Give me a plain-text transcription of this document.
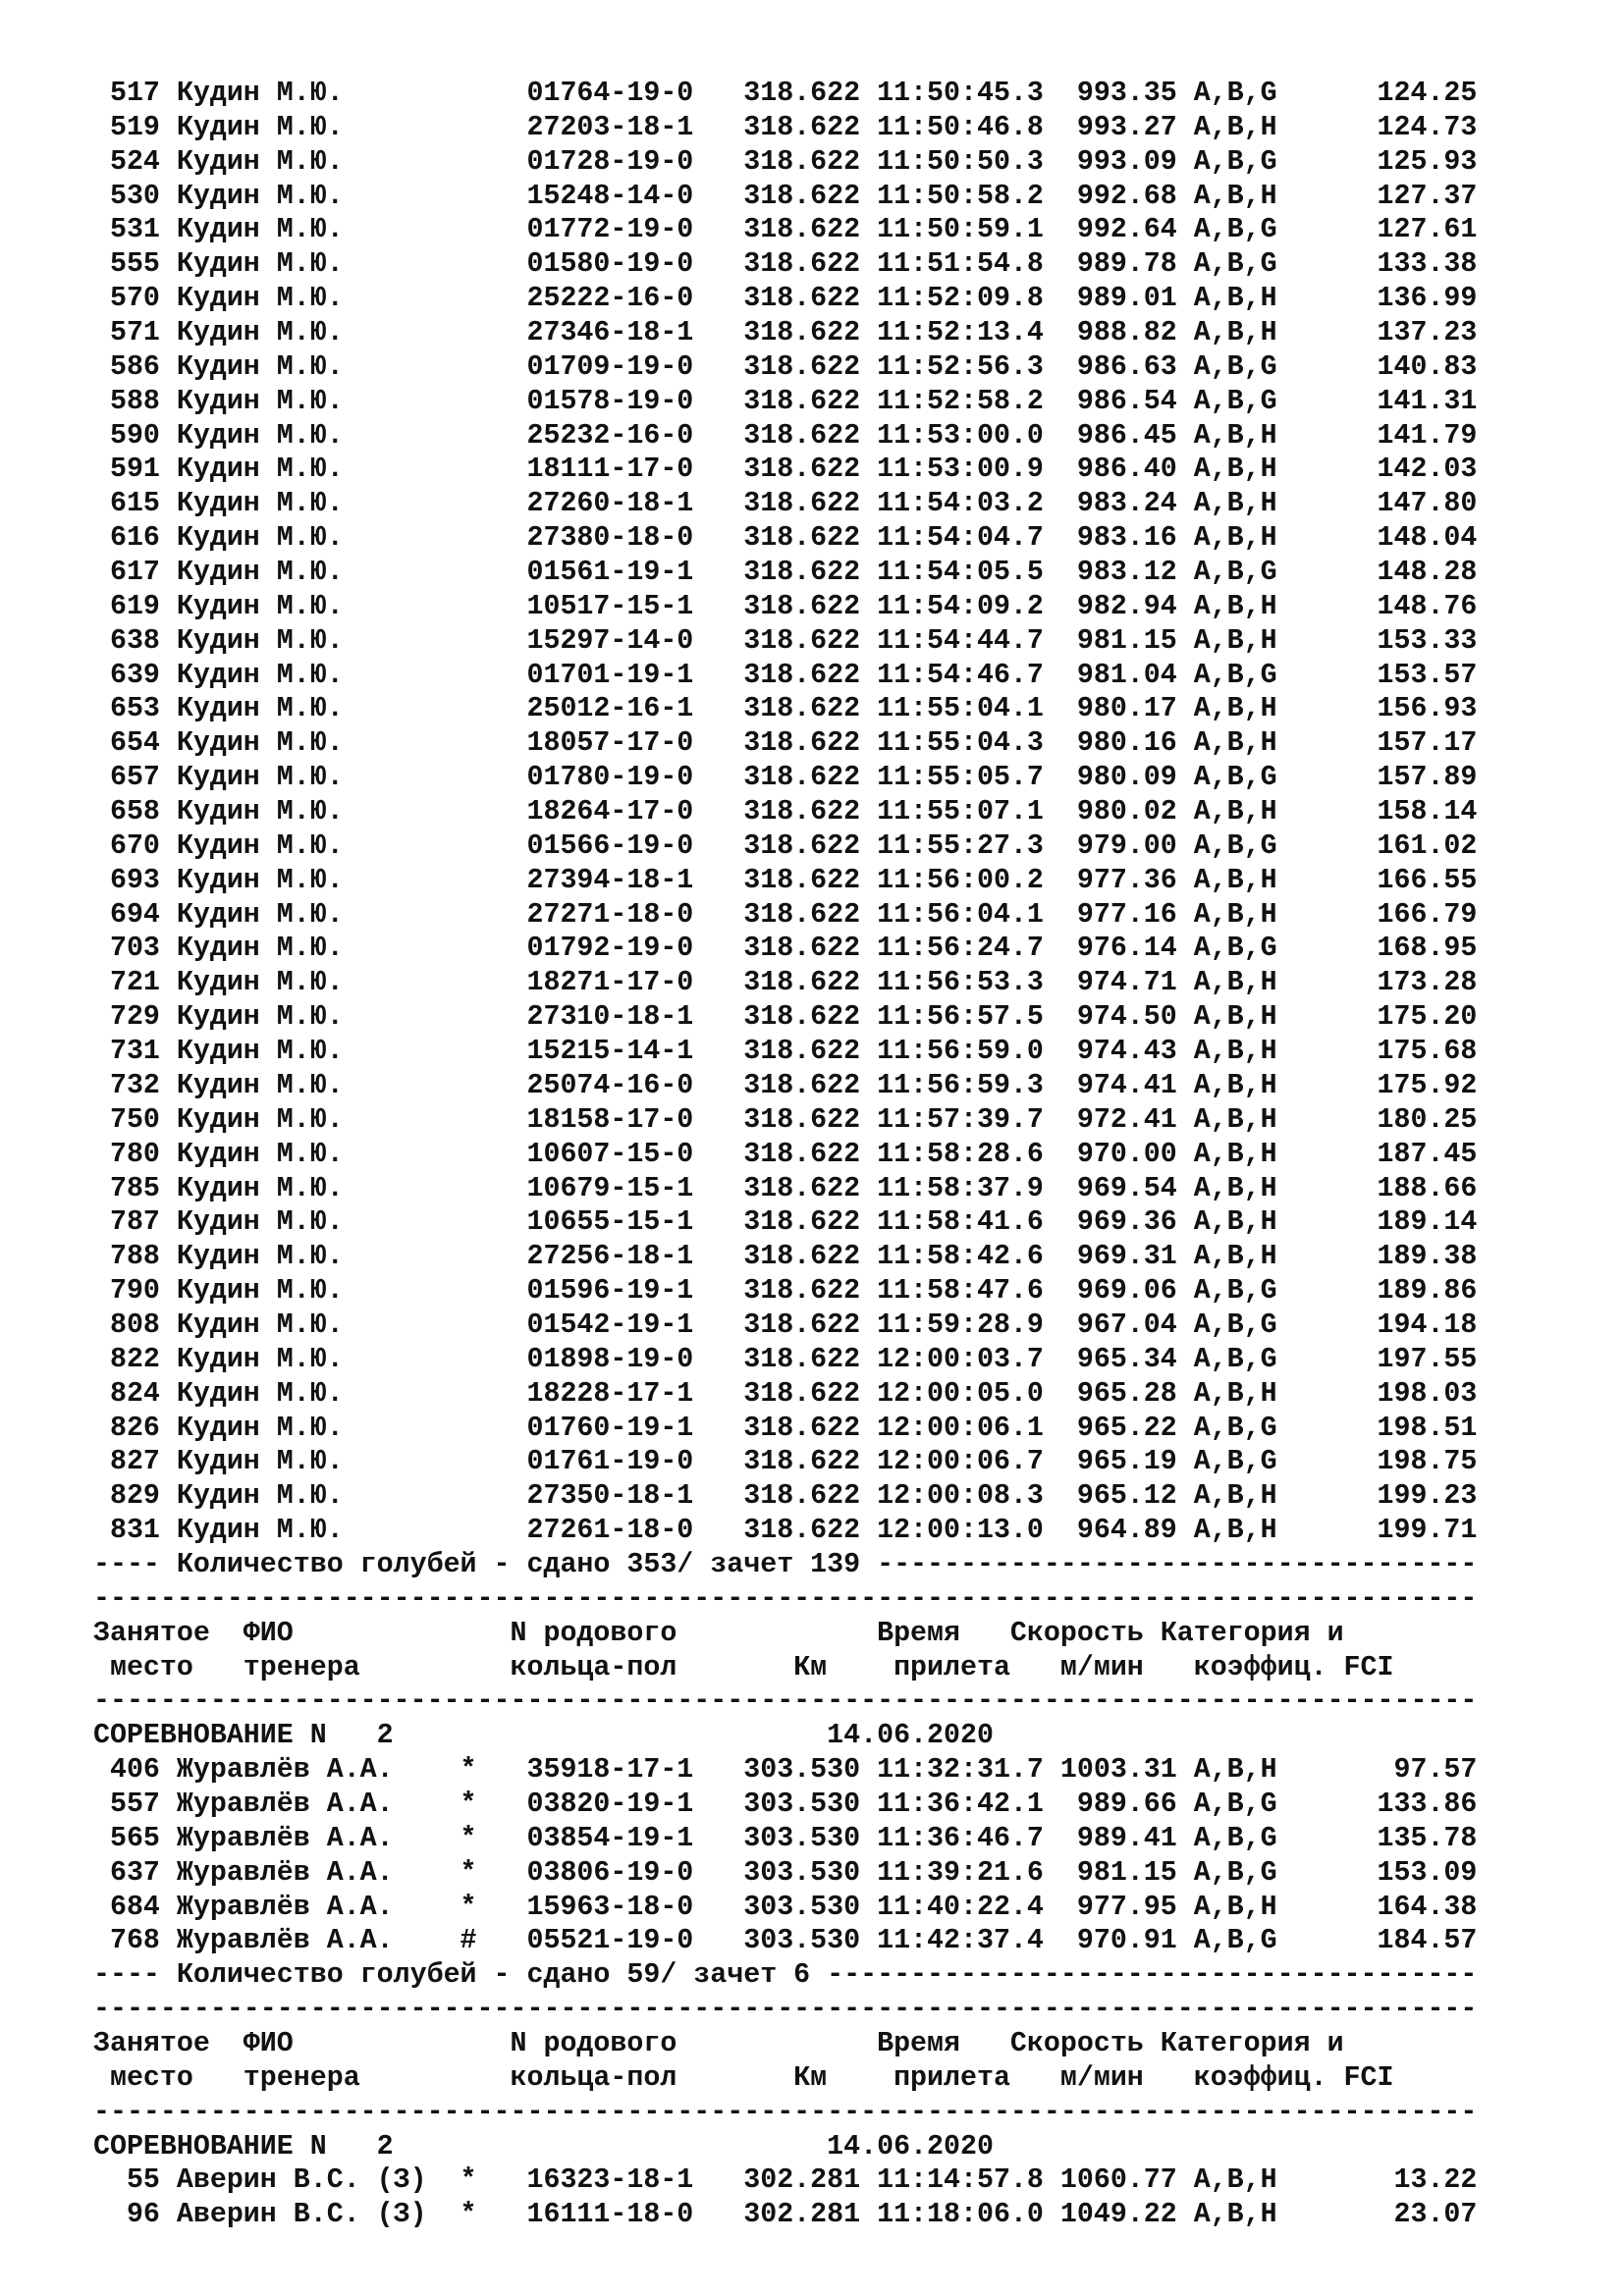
517 Кудин М.Ю.           01764-19-0   318.622 11:50:45.3  993.35 A,B,G      124.25
519 Кудин М.Ю.           27203-18-1   318.622 11:50:46.8  993.27 A,B,H      124.73
524 Кудин М.Ю.           01728-19-0   318.622 11:50:50.3  993.09 A,B,G      125.93
530 Кудин М.Ю.           15248-14-0   318.622 11:50:58.2  992.68 A,B,H      127.37
531 Кудин М.Ю.           01772-19-0   318.622 11:50:59.1  992.64 A,B,G      127.61
555 Кудин М.Ю.           01580-19-0   318.622 11:51:54.8  989.78 A,B,G      133.38
570 Кудин М.Ю.           25222-16-0   318.622 11:52:09.8  989.01 A,B,H      136.99
571 Кудин М.Ю.           27346-18-1   318.622 11:52:13.4  988.82 A,B,H      137.23
586 Кудин М.Ю.           01709-19-0   318.622 11:52:56.3  986.63 A,B,G      140.83
588 Кудин М.Ю.           01578-19-0   318.622 11:52:58.2  986.54 A,B,G      141.31
590 Кудин М.Ю.           25232-16-0   318.622 11:53:00.0  986.45 A,B,H      141.79
591 Кудин М.Ю.           18111-17-0   318.622 11:53:00.9  986.40 A,B,H      142.03
615 Кудин М.Ю.           27260-18-1   318.622 11:54:03.2  983.24 A,B,H      147.80
616 Кудин М.Ю.           27380-18-0   318.622 11:54:04.7  983.16 A,B,H      148.04
617 Кудин М.Ю.           01561-19-1   318.622 11:54:05.5  983.12 A,B,G      148.28
619 Кудин М.Ю.           10517-15-1   318.622 11:54:09.2  982.94 A,B,H      148.76
638 Кудин М.Ю.           15297-14-0   318.622 11:54:44.7  981.15 A,B,H      153.33
639 Кудин М.Ю.           01701-19-1   318.622 11:54:46.7  981.04 A,B,G      153.57
653 Кудин М.Ю.           25012-16-1   318.622 11:55:04.1  980.17 A,B,H      156.93
654 Кудин М.Ю.           18057-17-0   318.622 11:55:04.3  980.16 A,B,H      157.17
657 Кудин М.Ю.           01780-19-0   318.622 11:55:05.7  980.09 A,B,G      157.89
658 Кудин М.Ю.           18264-17-0   318.622 11:55:07.1  980.02 A,B,H      158.14
670 Кудин М.Ю.           01566-19-0   318.622 11:55:27.3  979.00 A,B,G      161.02
693 Кудин М.Ю.           27394-18-1   318.622 11:56:00.2  977.36 A,B,H      166.55
694 Кудин М.Ю.           27271-18-0   318.622 11:56:04.1  977.16 A,B,H      166.79
703 Кудин М.Ю.           01792-19-0   318.622 11:56:24.7  976.14 A,B,G      168.95
721 Кудин М.Ю.           18271-17-0   318.622 11:56:53.3  974.71 A,B,H      173.28
729 Кудин М.Ю.           27310-18-1   318.622 11:56:57.5  974.50 A,B,H      175.20
731 Кудин М.Ю.           15215-14-1   318.622 11:56:59.0  974.43 A,B,H      175.68
732 Кудин М.Ю.           25074-16-0   318.622 11:56:59.3  974.41 A,B,H      175.92
750 Кудин М.Ю.           18158-17-0   318.622 11:57:39.7  972.41 A,B,H      180.25
780 Кудин М.Ю.           10607-15-0   318.622 11:58:28.6  970.00 A,B,H      187.45
785 Кудин М.Ю.           10679-15-1   318.622 11:58:37.9  969.54 A,B,H      188.66
787 Кудин М.Ю.           10655-15-1   318.622 11:58:41.6  969.36 A,B,H      189.14
788 Кудин М.Ю.           27256-18-1   318.622 11:58:42.6  969.31 A,B,H      189.38
790 Кудин М.Ю.           01596-19-1   318.622 11:58:47.6  969.06 A,B,G      189.86
808 Кудин М.Ю.           01542-19-1   318.622 11:59:28.9  967.04 A,B,G      194.18
822 Кудин М.Ю.           01898-19-0   318.622 12:00:03.7  965.34 A,B,G      197.55
824 Кудин М.Ю.           18228-17-1   318.622 12:00:05.0  965.28 A,B,H      198.03
826 Кудин М.Ю.           01760-19-1   318.622 12:00:06.1  965.22 A,B,G      198.51
827 Кудин М.Ю.           01761-19-0   318.622 12:00:06.7  965.19 A,B,G      198.75
829 Кудин М.Ю.           27350-18-1   318.622 12:00:08.3  965.12 A,B,H      199.23
831 Кудин М.Ю.           27261-18-0   318.622 12:00:13.0  964.89 A,B,H      199.71
---- Количество голубей - сдано 353/ зачет 139 ------------------------------------
-----------------------------------------------------------------------------------
Занятое  ФИО             N родового            Время   Скорость Категория и
место   тренера         кольца-пол       Км    прилета   м/мин   коэффиц. FCI
-----------------------------------------------------------------------------------
СОРЕВНОВАНИЕ N   2                          14.06.2020
406 Журавлёв А.А.    *   35918-17-1   303.530 11:32:31.7 1003.31 A,B,H       97.57
557 Журавлёв А.А.    *   03820-19-1   303.530 11:36:42.1  989.66 A,B,G      133.86
565 Журавлёв А.А.    *   03854-19-1   303.530 11:36:46.7  989.41 A,B,G      135.78
637 Журавлёв А.А.    *   03806-19-0   303.530 11:39:21.6  981.15 A,B,G      153.09
684 Журавлёв А.А.    *   15963-18-0   303.530 11:40:22.4  977.95 A,B,H      164.38
768 Журавлёв А.А.    #   05521-19-0   303.530 11:42:37.4  970.91 A,B,G      184.57
---- Количество голубей - сдано 59/ зачет 6 ---------------------------------------
-----------------------------------------------------------------------------------
Занятое  ФИО             N родового            Время   Скорость Категория и
место   тренера         кольца-пол       Км    прилета   м/мин   коэффиц. FCI
-----------------------------------------------------------------------------------
СОРЕВНОВАНИЕ N   2                          14.06.2020
55 Аверин В.С. (З)  *   16323-18-1   302.281 11:14:57.8 1060.77 A,B,H       13.22
96 Аверин В.С. (З)  *   16111-18-0   302.281 11:18:06.0 1049.22 A,B,H       23.07
